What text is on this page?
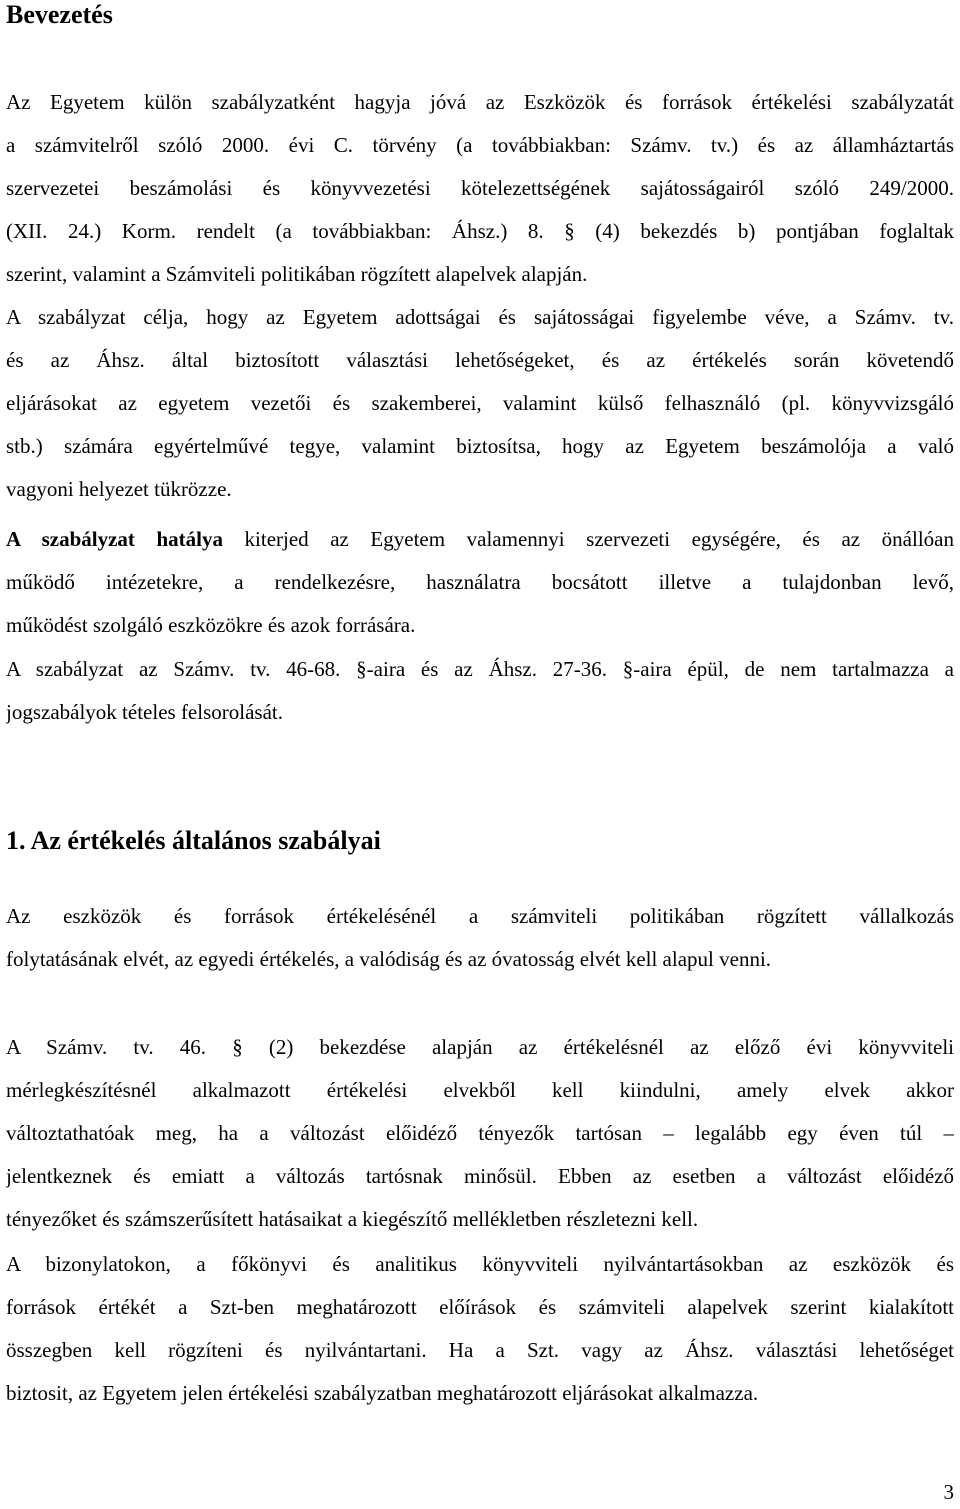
Bevezetés
Az Egyetem külön szabályzatként hagyja jóvá az Eszközök és források értékelési szabályzatát
a számvitelről szóló 2000. évi C. törvény (a továbbiakban: Számv. tv.) és az államháztartás
szervezetei beszámolási és könyvvezetési kötelezettségének sajátosságairól szóló 249/2000.
(XII. 24.) Korm. rendelt (a továbbiakban: Áhsz.) 8. § (4) bekezdés b) pontjában foglaltak
szerint, valamint a Számviteli politikában rögzített alapelvek alapján.
A szabályzat célja, hogy az Egyetem adottságai és sajátosságai figyelembe véve, a Számv. tv.
és az Áhsz. által biztosított választási lehetőségeket, és az értékelés során követendő
eljárásokat az egyetem vezetői és szakemberei, valamint külső felhasználó (pl. könyvvizsgáló
stb.) számára egyértelművé tegye, valamint biztosítsa, hogy az Egyetem beszámolója a való
vagyoni helyezet tükrözze.
A szabályzat hatálya kiterjed az Egyetem valamennyi szervezeti egységére, és az önállóan
működő intézetekre, a rendelkezésre, használatra bocsátott illetve a tulajdonban levő,
működést szolgáló eszközökre és azok forrására.
A szabályzat az Számv. tv. 46-68. §-aira és az Áhsz. 27-36. §-aira épül, de nem tartalmazza a
jogszabályok tételes felsorolását.
1. Az értékelés általános szabályai
Az eszközök és források értékelésénél a számviteli politikában rögzített vállalkozás
folytatásának elvét, az egyedi értékelés, a valódiság és az óvatosság elvét kell alapul venni.
A Számv. tv. 46. § (2) bekezdése alapján az értékelésnél az előző évi könyvviteli
mérlegkészítésnél alkalmazott értékelési elvekből kell kiindulni, amely elvek akkor
változtathatóak meg, ha a változást előidéző tényezők tartósan – legalább egy éven túl –
jelentkeznek és emiatt a változás tartósnak minősül. Ebben az esetben a változást előidéző
tényezőket és számszerűsített hatásaikat a kiegészítő mellékletben részletezni kell.
A bizonylatokon, a főkönyvi és analitikus könyvviteli nyilvántartásokban az eszközök és
források értékét a Szt-ben meghatározott előírások és számviteli alapelvek szerint kialakított
összegben kell rögzíteni és nyilvántartani. Ha a Szt. vagy az Áhsz. választási lehetőséget
biztosit, az Egyetem jelen értékelési szabályzatban meghatározott eljárásokat alkalmazza.
3
